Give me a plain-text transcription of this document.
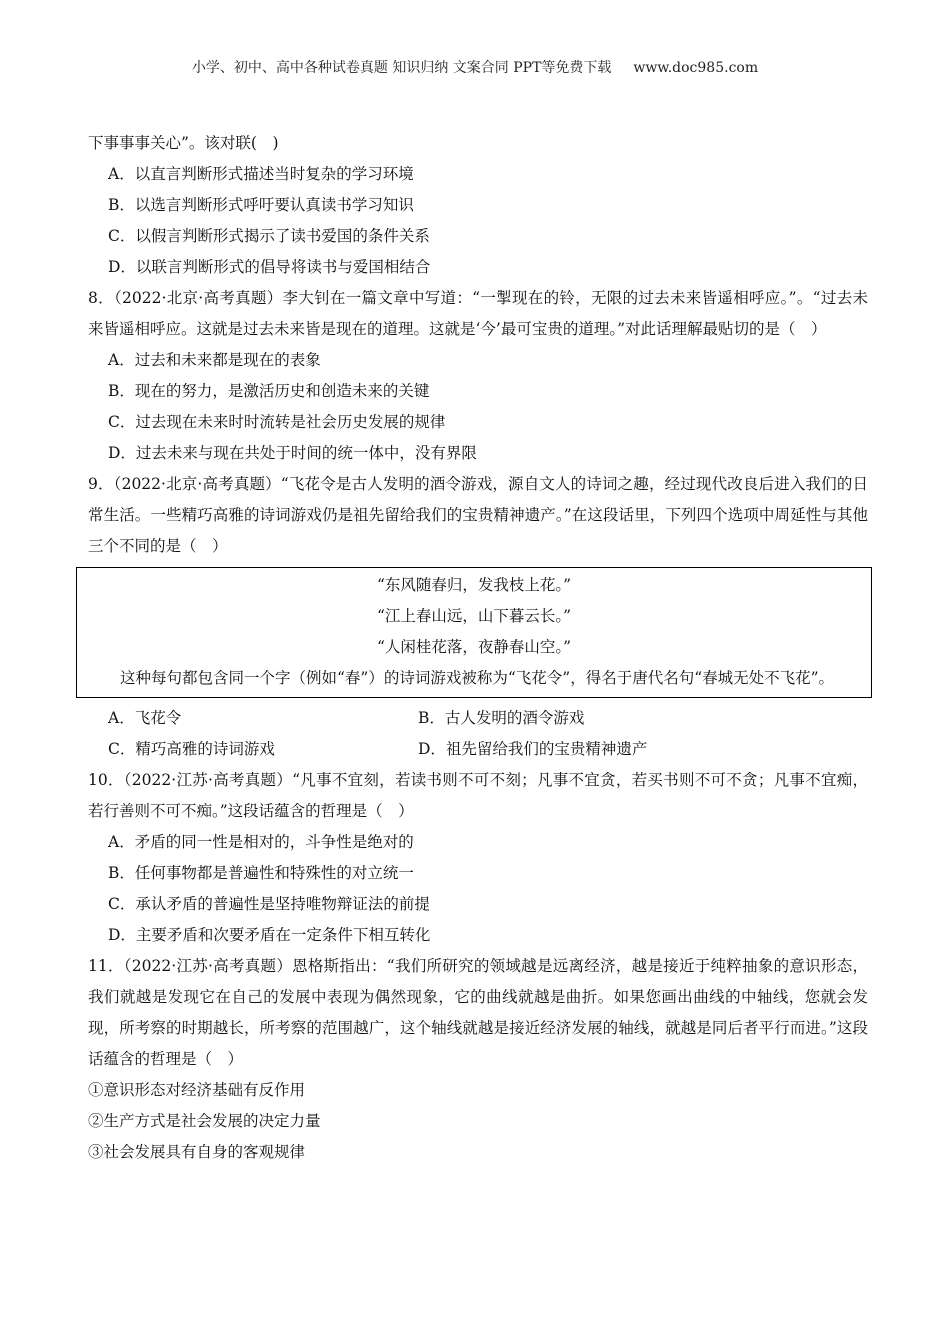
小学、初中、高中各种试卷真题 知识归纳 文案合同 PPT等免费下载 www.doc985.com
下事事事关心”。该对联(　)
A．以直言判断形式描述当时复杂的学习环境
B．以选言判断形式呼吁要认真读书学习知识
C．以假言判断形式揭示了读书爱国的条件关系
D．以联言判断形式的倡导将读书与爱国相结合
8．（2022·北京·高考真题）李大钊在一篇文章中写道：“一掣现在的铃，无限的过去未来皆遥相呼应。”。“过去未来皆遥相呼应。这就是过去未来皆是现在的道理。这就是‘今’最可宝贵的道理。”对此话理解最贴切的是（　）
A．过去和未来都是现在的表象
B．现在的努力，是激活历史和创造未来的关键
C．过去现在未来时时流转是社会历史发展的规律
D．过去未来与现在共处于时间的统一体中，没有界限
9．（2022·北京·高考真题）“飞花令是古人发明的酒令游戏，源自文人的诗词之趣，经过现代改良后进入我们的日常生活。一些精巧高雅的诗词游戏仍是祖先留给我们的宝贵精神遗产。”在这段话里，下列四个选项中周延性与其他三个不同的是（　）
“东风随春归，发我枝上花。”
“江上春山远，山下暮云长。”
“人闲桂花落，夜静春山空。”
这种每句都包含同一个字（例如“春”）的诗词游戏被称为“飞花令”，得名于唐代名句“春城无处不飞花”。
A．飞花令	B．古人发明的酒令游戏
C．精巧高雅的诗词游戏	D．祖先留给我们的宝贵精神遗产
10．（2022·江苏·高考真题）“凡事不宜刻，若读书则不可不刻；凡事不宜贪，若买书则不可不贪；凡事不宜痴，若行善则不可不痴。”这段话蕴含的哲理是（　）
A．矛盾的同一性是相对的，斗争性是绝对的
B．任何事物都是普遍性和特殊性的对立统一
C．承认矛盾的普遍性是坚持唯物辩证法的前提
D．主要矛盾和次要矛盾在一定条件下相互转化
11．（2022·江苏·高考真题）恩格斯指出：“我们所研究的领域越是远离经济，越是接近于纯粹抽象的意识形态，我们就越是发现它在自己的发展中表现为偶然现象，它的曲线就越是曲折。如果您画出曲线的中轴线，您就会发现，所考察的时期越长，所考察的范围越广，这个轴线就越是接近经济发展的轴线，就越是同后者平行而进。”这段话蕴含的哲理是（　）
①意识形态对经济基础有反作用
②生产方式是社会发展的决定力量
③社会发展具有自身的客观规律
